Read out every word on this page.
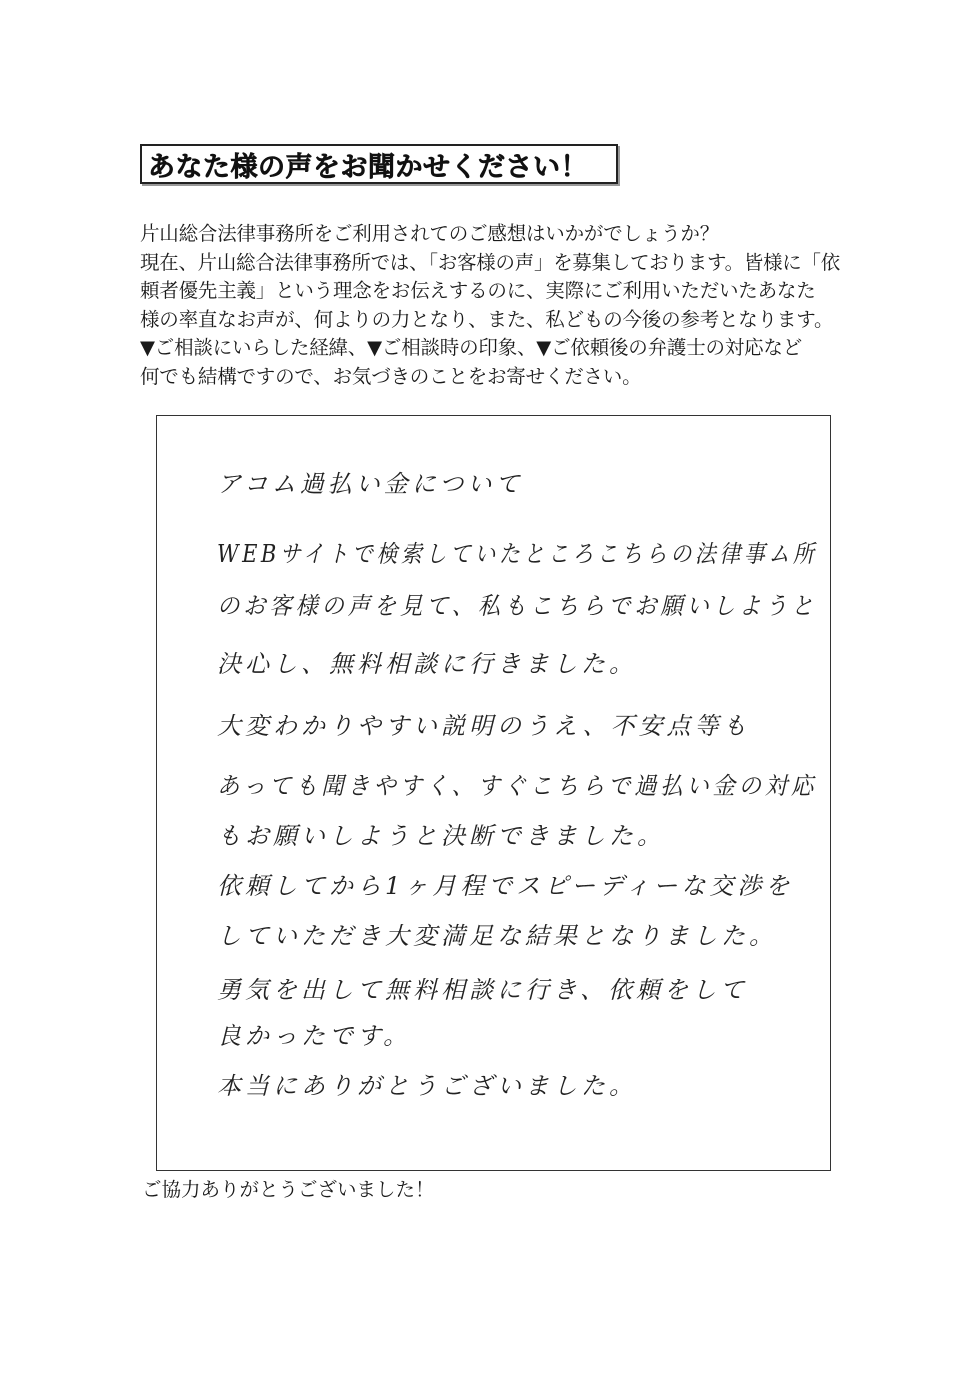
あなた様の声をお聞かせください！
片山総合法律事務所をご利用されてのご感想はいかがでしょうか？
現在、片山総合法律事務所では、「お客様の声」を募集しております。皆様に「依
頼者優先主義」という理念をお伝えするのに、実際にご利用いただいたあなた
様の率直なお声が、何よりの力となり、また、私どもの今後の参考となります。
▼ご相談にいらした経緯、▼ご相談時の印象、▼ご依頼後の弁護士の対応など
何でも結構ですので、お気づきのことをお寄せください。
アコム過払い金について
WEBサイトで検索していたところこちらの法律事ム所
のお客様の声を見て、私もこちらでお願いしようと
決心し、無料相談に行きました。
大変わかりやすい説明のうえ、不安点等も
あっても聞きやすく、すぐこちらで過払い金の対応
もお願いしようと決断できました。
依頼してから1ヶ月程でスピーディーな交渉を
していただき大変満足な結果となりました。
勇気を出して無料相談に行き、依頼をして
良かったです。
本当にありがとうございました。
ご協力ありがとうございました！
